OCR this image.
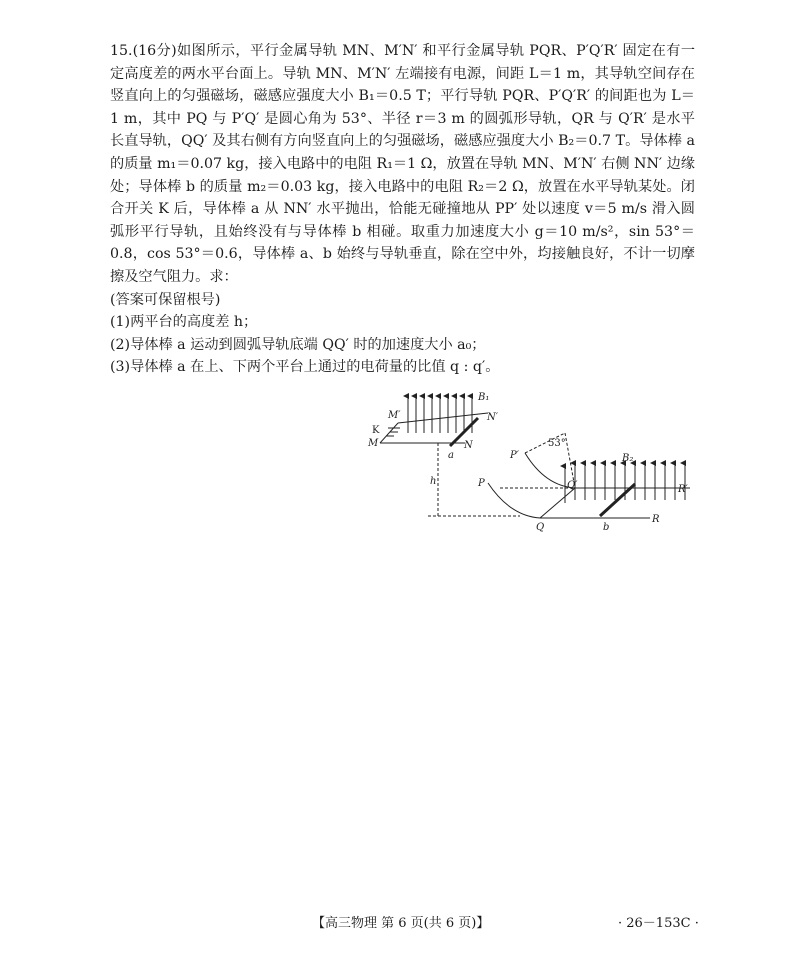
15.(16分)如图所示，平行金属导轨 MN、M′N′ 和平行金属导轨 PQR、P′Q′R′ 固定在有一定高度差的两水平台面上。导轨 MN、M′N′ 左端接有电源，间距 L＝1 m，其导轨空间存在竖直向上的匀强磁场，磁感应强度大小 B₁＝0.5 T；平行导轨 PQR、P′Q′R′ 的间距也为 L＝1 m，其中 PQ 与 P′Q′ 是圆心角为 53°、半径 r＝3 m 的圆弧形导轨，QR 与 Q′R′ 是水平长直导轨，QQ′ 及其右侧有方向竖直向上的匀强磁场，磁感应强度大小 B₂＝0.7 T。导体棒 a 的质量 m₁＝0.07 kg，接入电路中的电阻 R₁＝1 Ω，放置在导轨 MN、M′N′ 右侧 NN′ 边缘处；导体棒 b 的质量 m₂＝0.03 kg，接入电路中的电阻 R₂＝2 Ω，放置在水平导轨某处。闭合开关 K 后，导体棒 a 从 NN′ 水平抛出，恰能无碰撞地从 PP′ 处以速度 v＝5 m/s 滑入圆弧形平行导轨，且始终没有与导体棒 b 相碰。取重力加速度大小 g＝10 m/s²，sin 53°＝0.8，cos 53°＝0.6，导体棒 a、b 始终与导轨垂直，除在空中外，均接触良好，不计一切摩擦及空气阻力。求：

(答案可保留根号)

(1)两平台的高度差 h；

(2)导体棒 a 运动到圆弧导轨底端 QQ′ 时的加速度大小 a₀；

(3)导体棒 a 在上、下两个平台上通过的电荷量的比值 q : q′。

M′	N′
K
M	N
a
B₁
h
P′
53°
P	Q′
B₂
R′
Q	b
R
【高三物理 第 6 页(共 6 页)】	· 26－153C ·
